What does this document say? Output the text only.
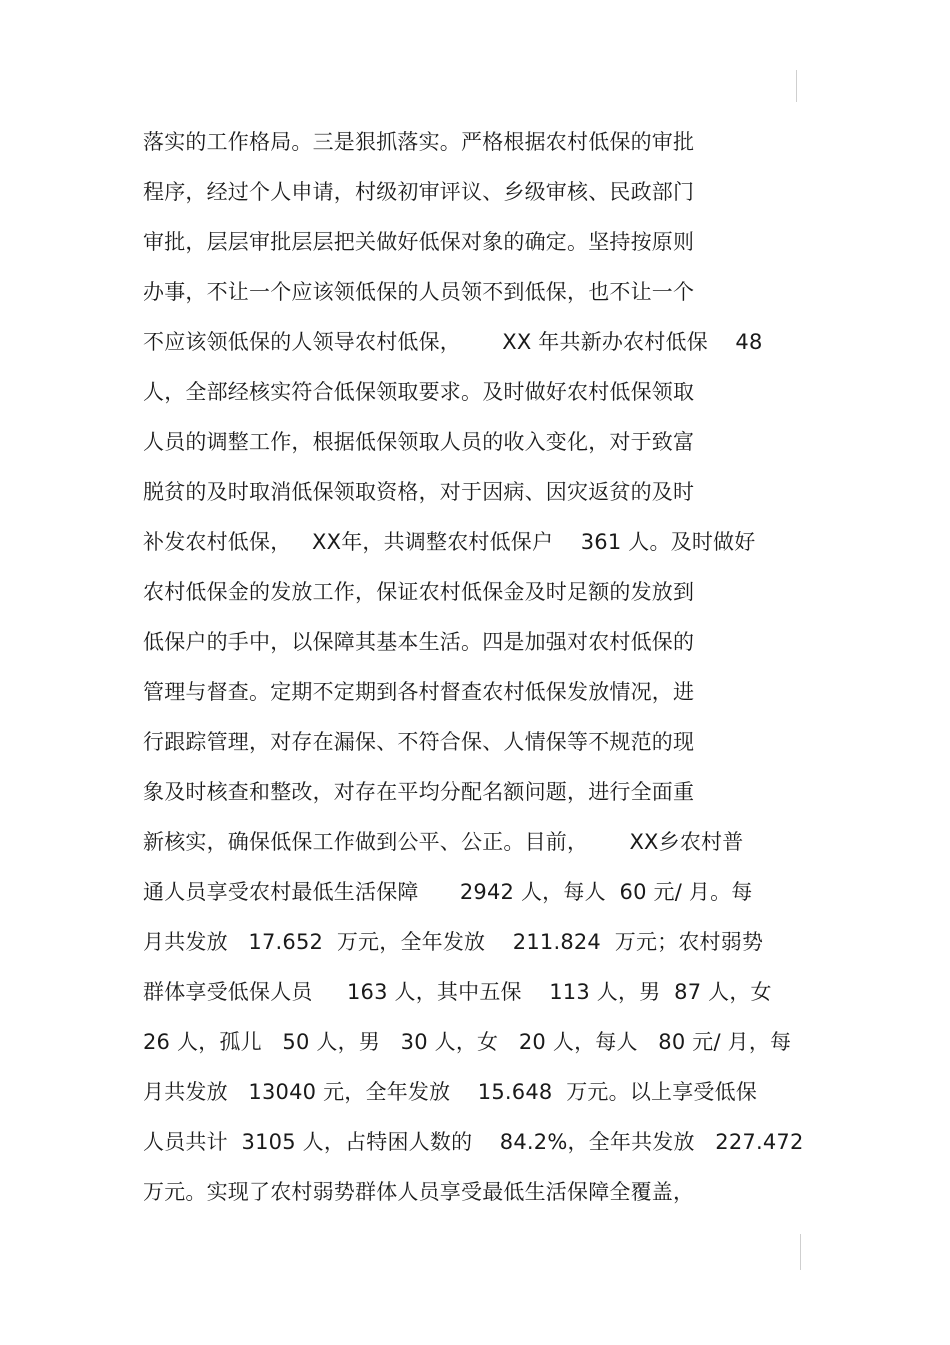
落实的工作格局。三是狠抓落实。严格根据农村低保的审批
程序，经过个人申请，村级初审评议、乡级审核、民政部门
审批，层层审批层层把关做好低保对象的确定。坚持按原则
办事，不让一个应该领低保的人员领不到低保，也不让一个
不应该领低保的人领导农村低保，      XX 年共新办农村低保    48
人，全部经核实符合低保领取要求。及时做好农村低保领取
人员的调整工作，根据低保领取人员的收入变化，对于致富
脱贫的及时取消低保领取资格，对于因病、因灾返贫的及时
补发农村低保，   XX年，共调整农村低保户    361 人。及时做好
农村低保金的发放工作，保证农村低保金及时足额的发放到
低保户的手中，以保障其基本生活。四是加强对农村低保的
管理与督查。定期不定期到各村督查农村低保发放情况，进
行跟踪管理，对存在漏保、不符合保、人情保等不规范的现
象及时核查和整改，对存在平均分配名额问题，进行全面重
新核实，确保低保工作做到公平、公正。目前，      XX乡农村普
通人员享受农村最低生活保障      2942 人，每人  60 元/ 月。每
月共发放   17.652  万元，全年发放    211.824  万元；农村弱势
群体享受低保人员     163 人，其中五保    113 人，男  87 人，女
26 人，孤儿   50 人，男   30 人，女   20 人，每人   80 元/ 月，每
月共发放   13040 元，全年发放    15.648  万元。以上享受低保
人员共计  3105 人，占特困人数的    84.2%，全年共发放   227.472
万元。实现了农村弱势群体人员享受最低生活保障全覆盖，
